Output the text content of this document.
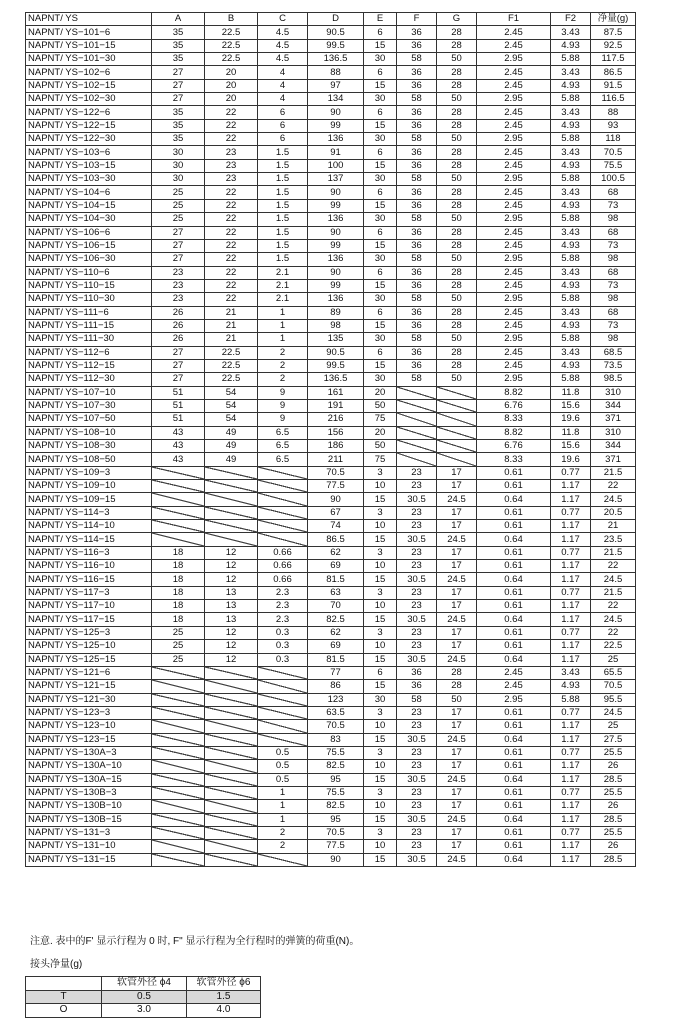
NAPNT/ YS	A	B	C	D	E	F	G	F1	F2	净量(g)
NAPNT/ YS−101−6	35	22.5	4.5	90.5	6	36	28	2.45	3.43	87.5
NAPNT/ YS−101−15	35	22.5	4.5	99.5	15	36	28	2.45	4.93	92.5
NAPNT/ YS−101−30	35	22.5	4.5	136.5	30	58	50	2.95	5.88	117.5
NAPNT/ YS−102−6	27	20	4	88	6	36	28	2.45	3.43	86.5
NAPNT/ YS−102−15	27	20	4	97	15	36	28	2.45	4.93	91.5
NAPNT/ YS−102−30	27	20	4	134	30	58	50	2.95	5.88	116.5
NAPNT/ YS−122−6	35	22	6	90	6	36	28	2.45	3.43	88
NAPNT/ YS−122−15	35	22	6	99	15	36	28	2.45	4.93	93
NAPNT/ YS−122−30	35	22	6	136	30	58	50	2.95	5.88	118
NAPNT/ YS−103−6	30	23	1.5	91	6	36	28	2.45	3.43	70.5
NAPNT/ YS−103−15	30	23	1.5	100	15	36	28	2.45	4.93	75.5
NAPNT/ YS−103−30	30	23	1.5	137	30	58	50	2.95	5.88	100.5
NAPNT/ YS−104−6	25	22	1.5	90	6	36	28	2.45	3.43	68
NAPNT/ YS−104−15	25	22	1.5	99	15	36	28	2.45	4.93	73
NAPNT/ YS−104−30	25	22	1.5	136	30	58	50	2.95	5.88	98
NAPNT/ YS−106−6	27	22	1.5	90	6	36	28	2.45	3.43	68
NAPNT/ YS−106−15	27	22	1.5	99	15	36	28	2.45	4.93	73
NAPNT/ YS−106−30	27	22	1.5	136	30	58	50	2.95	5.88	98
NAPNT/ YS−110−6	23	22	2.1	90	6	36	28	2.45	3.43	68
NAPNT/ YS−110−15	23	22	2.1	99	15	36	28	2.45	4.93	73
NAPNT/ YS−110−30	23	22	2.1	136	30	58	50	2.95	5.88	98
NAPNT/ YS−111−6	26	21	1	89	6	36	28	2.45	3.43	68
NAPNT/ YS−111−15	26	21	1	98	15	36	28	2.45	4.93	73
NAPNT/ YS−111−30	26	21	1	135	30	58	50	2.95	5.88	98
NAPNT/ YS−112−6	27	22.5	2	90.5	6	36	28	2.45	3.43	68.5
NAPNT/ YS−112−15	27	22.5	2	99.5	15	36	28	2.45	4.93	73.5
NAPNT/ YS−112−30	27	22.5	2	136.5	30	58	50	2.95	5.88	98.5
NAPNT/ YS−107−10	51	54	9	161	20			8.82	11.8	310
NAPNT/ YS−107−30	51	54	9	191	50			6.76	15.6	344
NAPNT/ YS−107−50	51	54	9	216	75			8.33	19.6	371
NAPNT/ YS−108−10	43	49	6.5	156	20			8.82	11.8	310
NAPNT/ YS−108−30	43	49	6.5	186	50			6.76	15.6	344
NAPNT/ YS−108−50	43	49	6.5	211	75			8.33	19.6	371
NAPNT/ YS−109−3				70.5	3	23	17	0.61	0.77	21.5
NAPNT/ YS−109−10				77.5	10	23	17	0.61	1.17	22
NAPNT/ YS−109−15				90	15	30.5	24.5	0.64	1.17	24.5
NAPNT/ YS−114−3				67	3	23	17	0.61	0.77	20.5
NAPNT/ YS−114−10				74	10	23	17	0.61	1.17	21
NAPNT/ YS−114−15				86.5	15	30.5	24.5	0.64	1.17	23.5
NAPNT/ YS−116−3	18	12	0.66	62	3	23	17	0.61	0.77	21.5
NAPNT/ YS−116−10	18	12	0.66	69	10	23	17	0.61	1.17	22
NAPNT/ YS−116−15	18	12	0.66	81.5	15	30.5	24.5	0.64	1.17	24.5
NAPNT/ YS−117−3	18	13	2.3	63	3	23	17	0.61	0.77	21.5
NAPNT/ YS−117−10	18	13	2.3	70	10	23	17	0.61	1.17	22
NAPNT/ YS−117−15	18	13	2.3	82.5	15	30.5	24.5	0.64	1.17	24.5
NAPNT/ YS−125−3	25	12	0.3	62	3	23	17	0.61	0.77	22
NAPNT/ YS−125−10	25	12	0.3	69	10	23	17	0.61	1.17	22.5
NAPNT/ YS−125−15	25	12	0.3	81.5	15	30.5	24.5	0.64	1.17	25
NAPNT/ YS−121−6				77	6	36	28	2.45	3.43	65.5
NAPNT/ YS−121−15				86	15	36	28	2.45	4.93	70.5
NAPNT/ YS−121−30				123	30	58	50	2.95	5.88	95.5
NAPNT/ YS−123−3				63.5	3	23	17	0.61	0.77	24.5
NAPNT/ YS−123−10				70.5	10	23	17	0.61	1.17	25
NAPNT/ YS−123−15				83	15	30.5	24.5	0.64	1.17	27.5
NAPNT/ YS−130A−3			0.5	75.5	3	23	17	0.61	0.77	25.5
NAPNT/ YS−130A−10			0.5	82.5	10	23	17	0.61	1.17	26
NAPNT/ YS−130A−15			0.5	95	15	30.5	24.5	0.64	1.17	28.5
NAPNT/ YS−130B−3			1	75.5	3	23	17	0.61	0.77	25.5
NAPNT/ YS−130B−10			1	82.5	10	23	17	0.61	1.17	26
NAPNT/ YS−130B−15			1	95	15	30.5	24.5	0.64	1.17	28.5
NAPNT/ YS−131−3			2	70.5	3	23	17	0.61	0.77	25.5
NAPNT/ YS−131−10			2	77.5	10	23	17	0.61	1.17	26
NAPNT/ YS−131−15				90	15	30.5	24.5	0.64	1.17	28.5
注意. 表中的F' 显示行程为 0 时, F" 显示行程为全行程时的弹簧的荷重(N)。
接头净量(g)
	软管外径 ϕ4	软管外径 ϕ6
T	0.5	1.5
O	3.0	4.0
